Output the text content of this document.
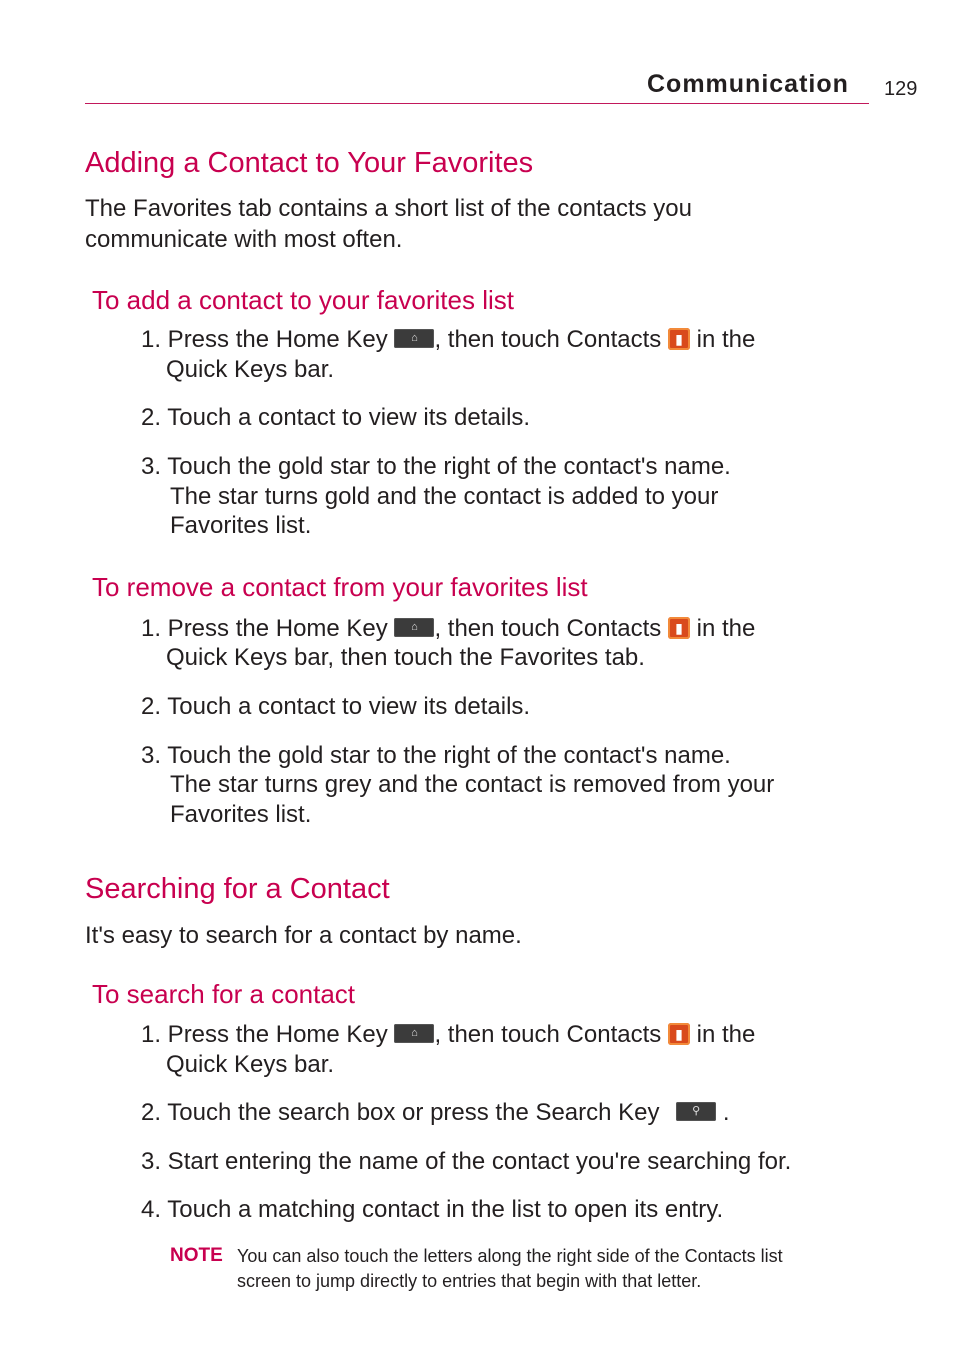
Communication 129
Adding a Contact to Your Favorites
The Favorites tab contains a short list of the contacts you
communicate with most often.
To add a contact to your favorites list
1. Press the Home Key ⌂ , then touch Contacts ▮ in the
Quick Keys bar.
2. Touch a contact to view its details.
3. Touch the gold star to the right of the contact's name.
The star turns gold and the contact is added to your
Favorites list.
To remove a contact from your favorites list
1. Press the Home Key ⌂ , then touch Contacts ▮ in the
Quick Keys bar, then touch the Favorites tab.
2. Touch a contact to view its details.
3. Touch the gold star to the right of the contact's name.
The star turns grey and the contact is removed from your
Favorites list.
Searching for a Contact
It's easy to search for a contact by name.
To search for a contact
1. Press the Home Key ⌂ , then touch Contacts ▮ in the
Quick Keys bar.
2. Touch the search box or press the Search Key	⚲ .
3. Start entering the name of the contact you're searching for.
4. Touch a matching contact in the list to open its entry.
NOTE You can also touch the letters along the right side of the Contacts list
screen to jump directly to entries that begin with that letter.
